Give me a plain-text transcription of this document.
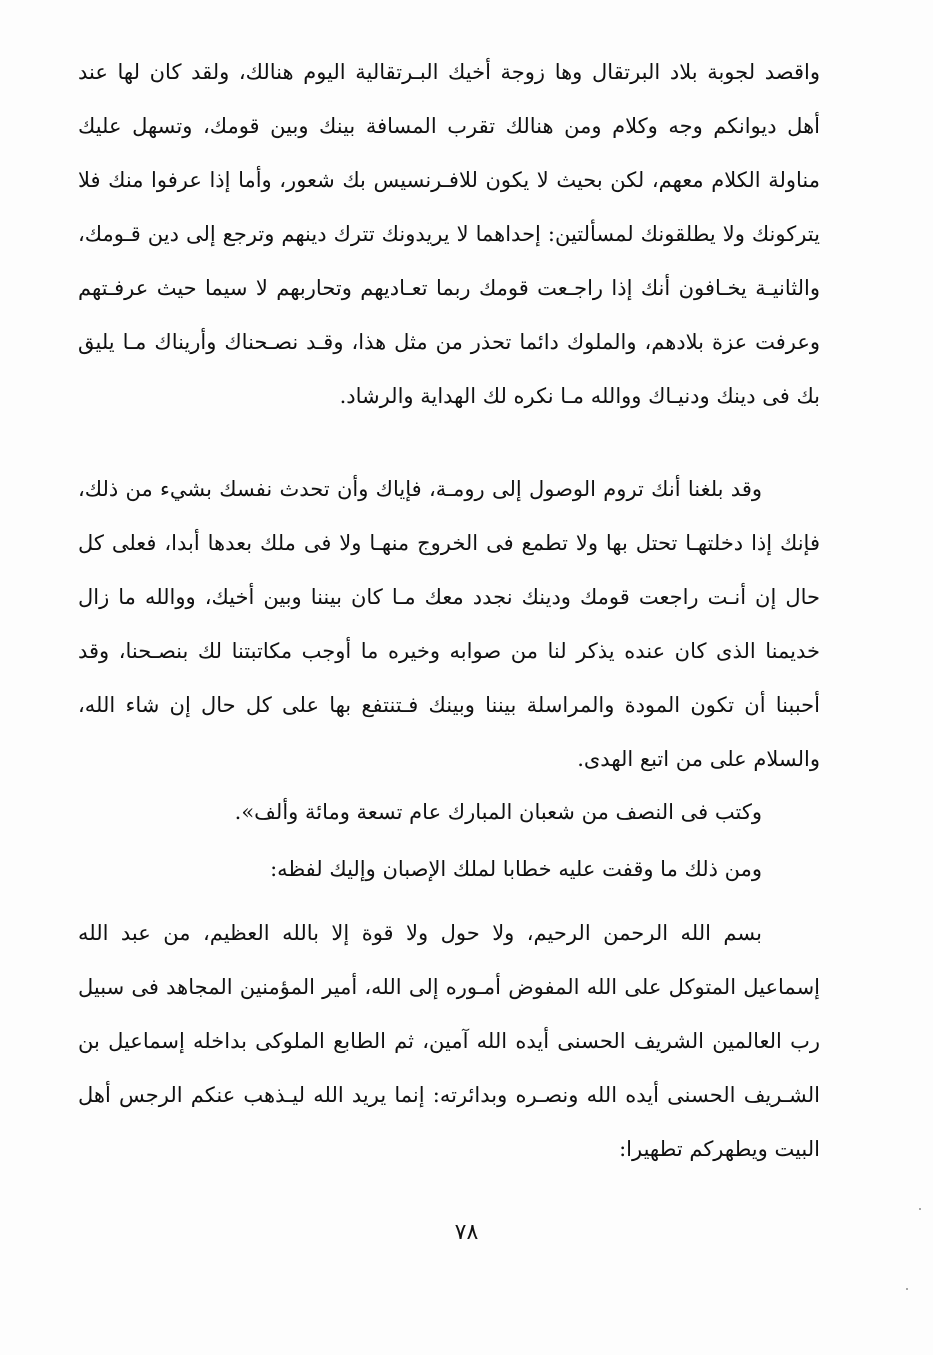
واقصد لجوبة بلاد البرتقال وها زوجة أخيك البـرتقالية اليوم هنالك، ولقد كان لها عند أهل ديوانكم وجه وكلام ومن هنالك تقرب المسافة بينك وبين قومك، وتسهل عليك مناولة الكلام معهم، لكن بحيث لا يكون للافـرنسيس بك شعور، وأما إذا عرفوا منك فلا يتركونك ولا يطلقونك لمسألتين: إحداهما لا يريدونك تترك دينهم وترجع إلى دين قـومك، والثانيـة يخـافون أنك إذا راجـعت قومك ربما تعـاديهم وتحاربهم لا سيما حيث عرفـتهم وعرفت عزة بلادهم، والملوك دائما تحذر من مثل هذا، وقـد نصـحناك وأريناك مـا يليق بك فى دينك ودنيـاك ووالله مـا نكره لك الهداية والرشاد.

وقد بلغنا أنك تروم الوصول إلى رومـة، فإياك وأن تحدث نفسك بشيء من ذلك، فإنك إذا دخلتهـا تحتل بها ولا تطمع فى الخروج منهـا ولا فى ملك بعدها أبدا، فعلى كل حال إن أنـت راجعت قومك ودينك نجدد معك مـا كان بيننا وبين أخيك، ووالله ما زال خديمنا الذى كان عنده يذكر لنا من صوابه وخيره ما أوجب مكاتبتنا لك بنصـحنا، وقد أحببنا أن تكون المودة والمراسلة بيننا وبينك فـتنتفع بها على كل حال إن شاء الله، والسلام على من اتبع الهدى.

وكتب فى النصف من شعبان المبارك عام تسعة ومائة وألف».

ومن ذلك ما وقفت عليه خطابا لملك الإصبان وإليك لفظه:

بسم الله الرحمن الرحيم، ولا حول ولا قوة إلا بالله العظيم، من عبد الله إسماعيل المتوكل على الله المفوض أمـوره إلى الله، أمير المؤمنين المجاهد فى سبيل رب العالمين الشريف الحسنى أيده الله آمين، ثم الطابع الملوكى بداخله إسماعيل بن الشـريف الحسنى أيده الله ونصـره وبدائرته: إنما يريد الله ليـذهب عنكم الرجس أهل البيت ويطهركم تطهيرا:

٧٨
